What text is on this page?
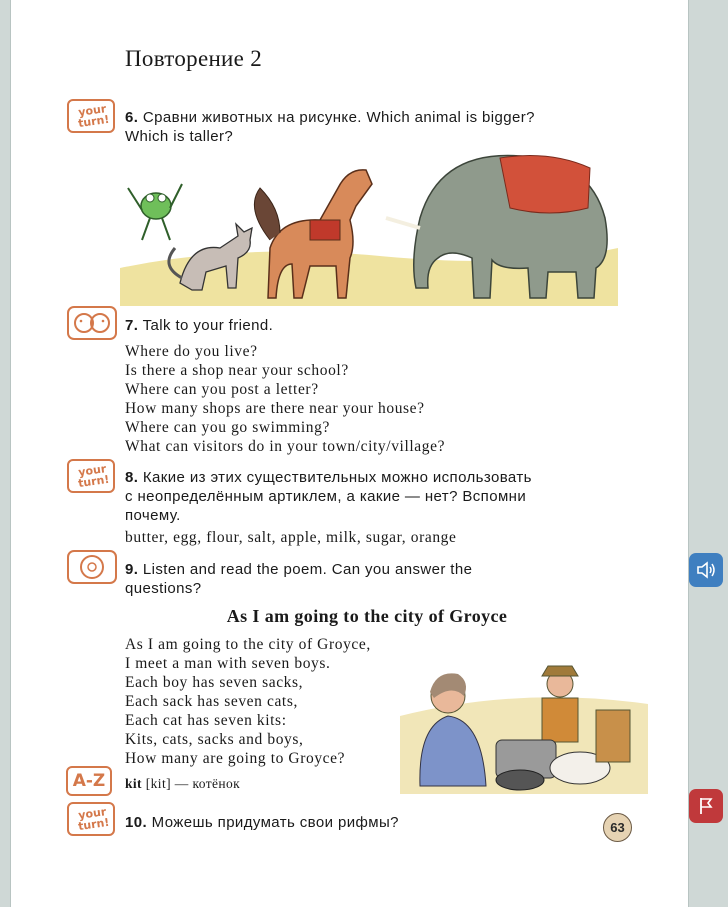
Повторение 2
your turn! 6. Сравни животных на рисунке. Which animal is bigger?
Which is taller?
7. Talk to your friend.
Where do you live?
Is there a shop near your school?
Where can you post a letter?
How many shops are there near your house?
Where can you go swimming?
What can visitors do in your town/city/village?
your turn! 8. Какие из этих существительных можно использовать
с неопределённым артиклем, а какие — нет? Вспомни
почему.
butter, egg, flour, salt, apple, milk, sugar, orange
9. Listen and read the poem. Can you answer the
questions?
As I am going to the city of Groyce
As I am going to the city of Groyce,
I meet a man with seven boys.
Each boy has seven sacks,
Each sack has seven cats,
Each cat has seven kits:
Kits, cats, sacks and boys,
How many are going to Groyce?
A-Z	kit [kit] — котёнок
your turn! 10. Можешь придумать свои рифмы?	63
